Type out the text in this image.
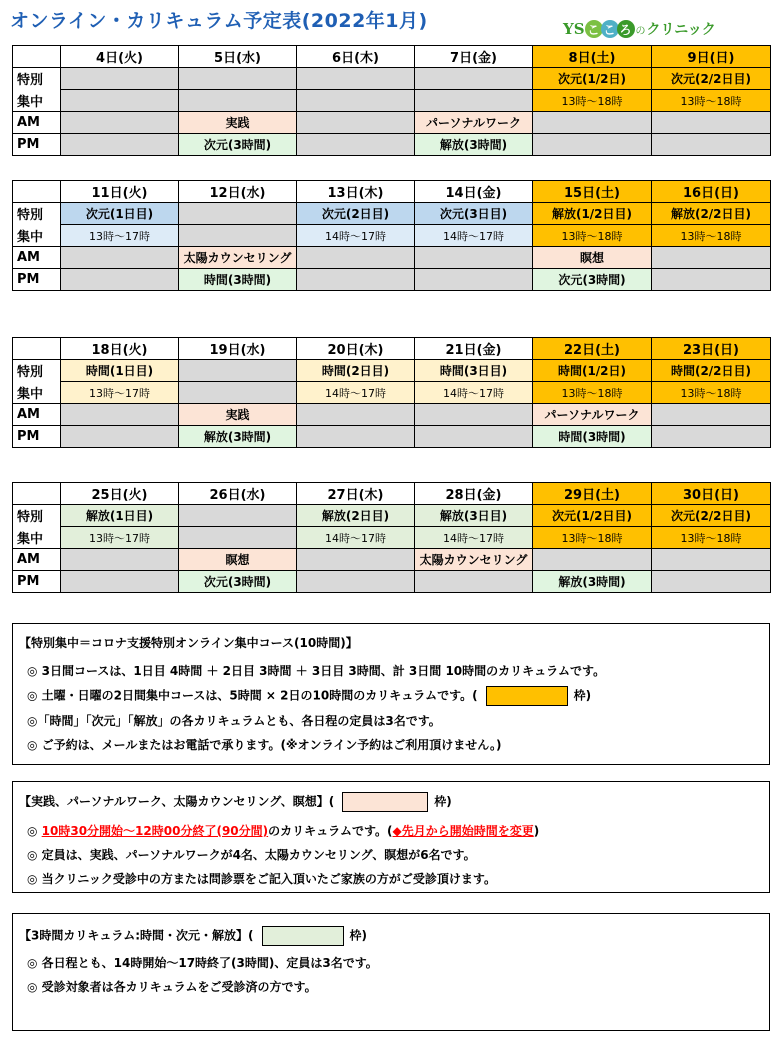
オンライン・カリキュラム予定表(2022年1月)	YS こ こ ろ の クリニック
	4日(火)	5日(水)	6日(木)	7日(金)	8日(土)	9日(日)
特別					次元(1/2日)	次元(2/2日目)
集中					13時～18時	13時～18時
AM		実践		パーソナルワーク		
PM		次元(3時間)		解放(3時間)		
	11日(火)	12日(水)	13日(木)	14日(金)	15日(土)	16日(日)
特別	次元(1日目)		次元(2日目)	次元(3日目)	解放(1/2日目)	解放(2/2日目)
集中	13時～17時		14時～17時	14時～17時	13時～18時	13時～18時
AM		太陽カウンセリング			瞑想	
PM		時間(3時間)			次元(3時間)	
	18日(火)	19日(水)	20日(木)	21日(金)	22日(土)	23日(日)
特別	時間(1日目)		時間(2日目)	時間(3日目)	時間(1/2日)	時間(2/2日目)
集中	13時～17時		14時～17時	14時～17時	13時～18時	13時～18時
AM		実践			パーソナルワーク	
PM		解放(3時間)			時間(3時間)	
	25日(火)	26日(水)	27日(木)	28日(金)	29日(土)	30日(日)
特別	解放(1日目)		解放(2日目)	解放(3日目)	次元(1/2日目)	次元(2/2日目)
集中	13時～17時		14時～17時	14時～17時	13時～18時	13時～18時
AM		瞑想		太陽カウンセリング		
PM		次元(3時間)			解放(3時間)	
【特別集中＝コロナ支援特別オンライン集中コース(10時間)】
◎ 3日間コースは、1日目 4時間 ＋ 2日目 3時間 ＋ 3日目 3時間、計 3日間 10時間のカリキュラムです。
◎ 土曜・日曜の2日間集中コースは、5時間 × 2日の10時間のカリキュラムです。(	枠)
◎「時間」「次元」「解放」の各カリキュラムとも、各日程の定員は3名です。
◎ ご予約は、メールまたはお電話で承ります。(※オンライン予約はご利用頂けません。)
【実践、パーソナルワーク、太陽カウンセリング、瞑想】(	枠)
◎ 10時30分開始～12時00分終了(90分間)のカリキュラムです。(◆先月から開始時間を変更)
◎ 定員は、実践、パーソナルワークが4名、太陽カウンセリング、瞑想が6名です。
◎ 当クリニック受診中の方または問診票をご記入頂いたご家族の方がご受診頂けます。
【3時間カリキュラム:時間・次元・解放】(	枠)
◎ 各日程とも、14時開始～17時終了(3時間)、定員は3名です。
◎ 受診対象者は各カリキュラムをご受診済の方です。
